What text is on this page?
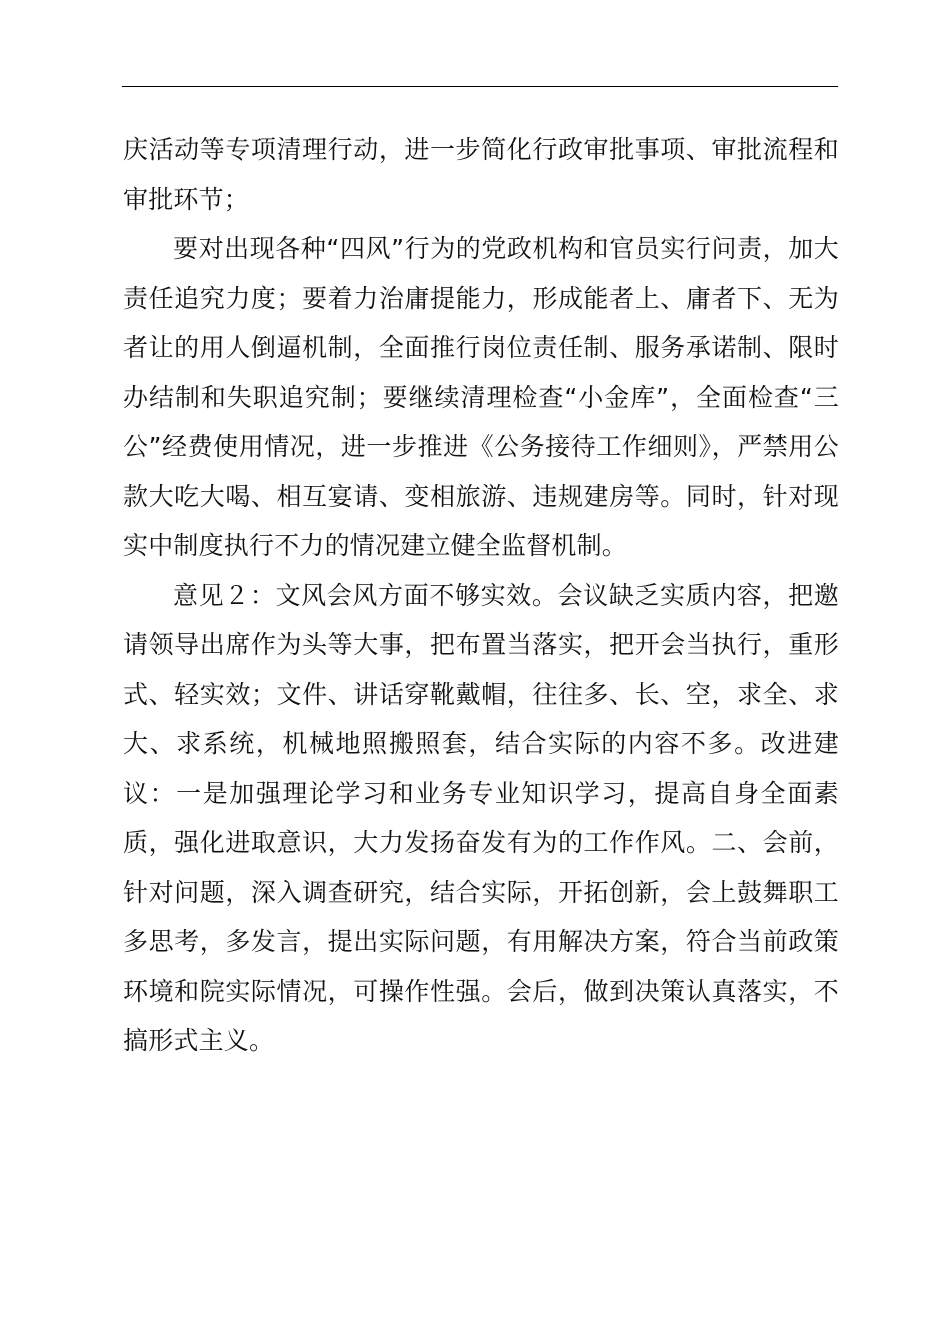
庆活动等专项清理行动，进一步简化行政审批事项、审批流程和审批环节；

要对出现各种“四风”行为的党政机构和官员实行问责，加大责任追究力度；要着力治庸提能力，形成能者上、庸者下、无为者让的用人倒逼机制，全面推行岗位责任制、服务承诺制、限时办结制和失职追究制；要继续清理检查“小金库”，全面检查“三公”经费使用情况，进一步推进《公务接待工作细则》，严禁用公款大吃大喝、相互宴请、变相旅游、违规建房等。同时，针对现实中制度执行不力的情况建立健全监督机制。

意见２：文风会风方面不够实效。会议缺乏实质内容，把邀请领导出席作为头等大事，把布置当落实，把开会当执行，重形式、轻实效；文件、讲话穿靴戴帽，往往多、长、空，求全、求大、求系统，机械地照搬照套，结合实际的内容不多。改进建议：一是加强理论学习和业务专业知识学习，提高自身全面素质，强化进取意识，大力发扬奋发有为的工作作风。二、会前，针对问题，深入调查研究，结合实际，开拓创新，会上鼓舞职工多思考，多发言，提出实际问题，有用解决方案，符合当前政策环境和院实际情况，可操作性强。会后，做到决策认真落实，不搞形式主义。
